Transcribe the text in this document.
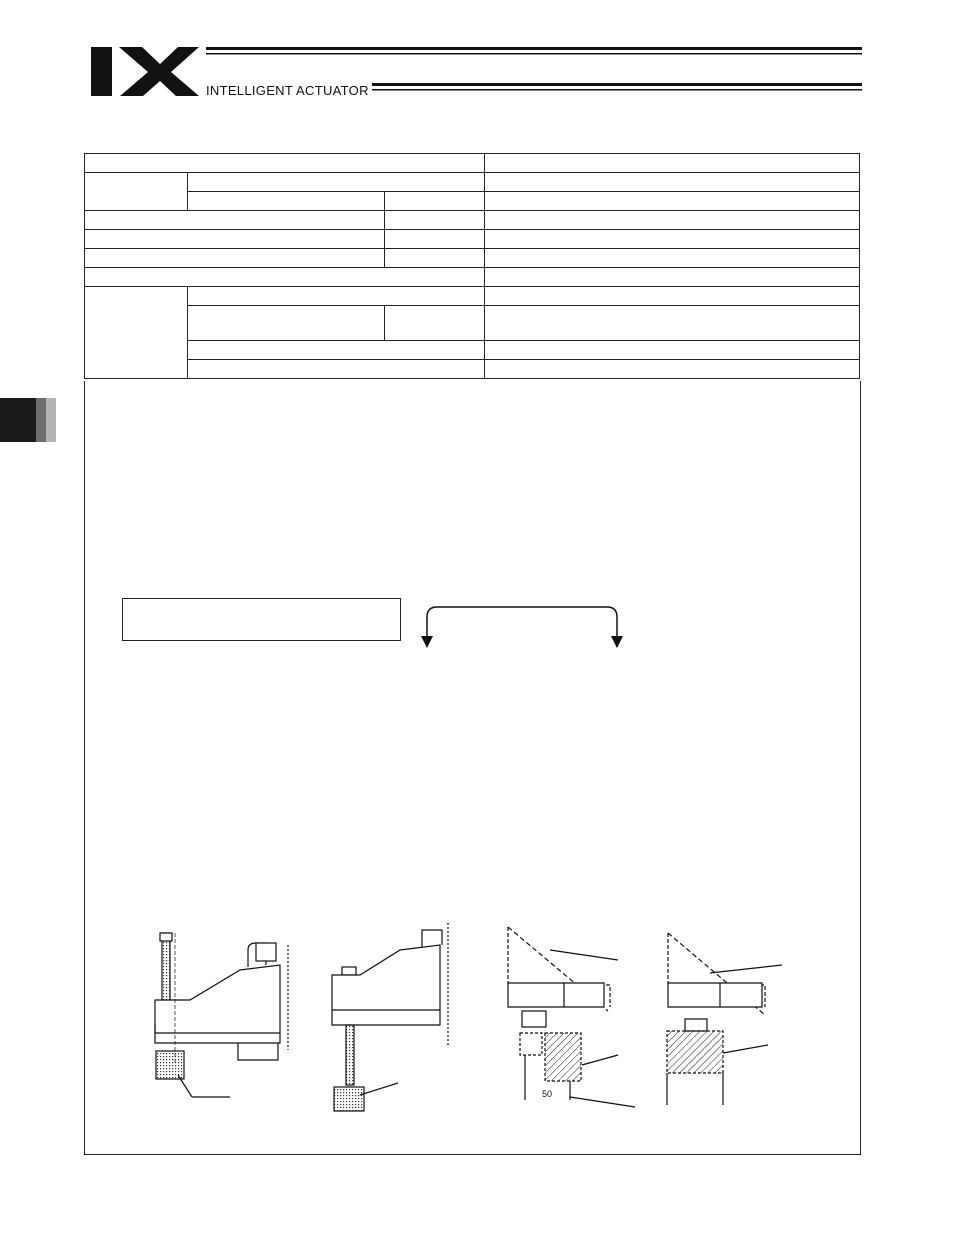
INTELLIGENT ACTUATOR

50
